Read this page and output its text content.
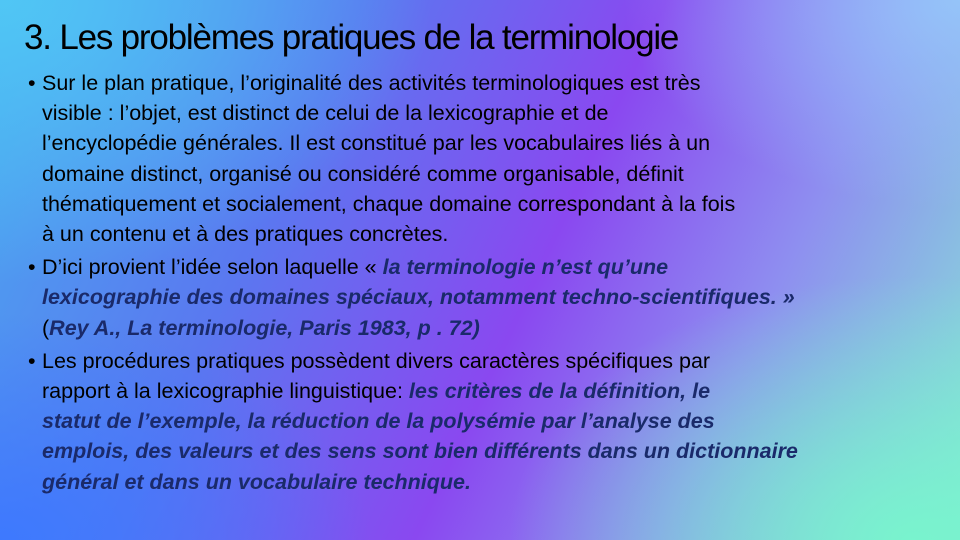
3. Les problèmes pratiques de la terminologie
• Sur le plan pratique, l’originalité des activités terminologiques est très
visible : l’objet, est distinct de celui de la lexicographie et de
l’encyclopédie générales. Il est constitué par les vocabulaires liés à un
domaine distinct, organisé ou considéré comme organisable, définit
thématiquement et socialement, chaque domaine correspondant à la fois
à un contenu et à des pratiques concrètes.
• D’ici provient l’idée selon laquelle « la terminologie n’est qu’une
lexicographie des domaines spéciaux, notamment techno-scientifiques. »
(Rey A., La terminologie, Paris 1983, p . 72)
• Les procédures pratiques possèdent divers caractères spécifiques par
rapport à la lexicographie linguistique: les critères de la définition, le
statut de l’exemple, la réduction de la polysémie par l’analyse des
emplois, des valeurs et des sens sont bien différents dans un dictionnaire
général et dans un vocabulaire technique.
